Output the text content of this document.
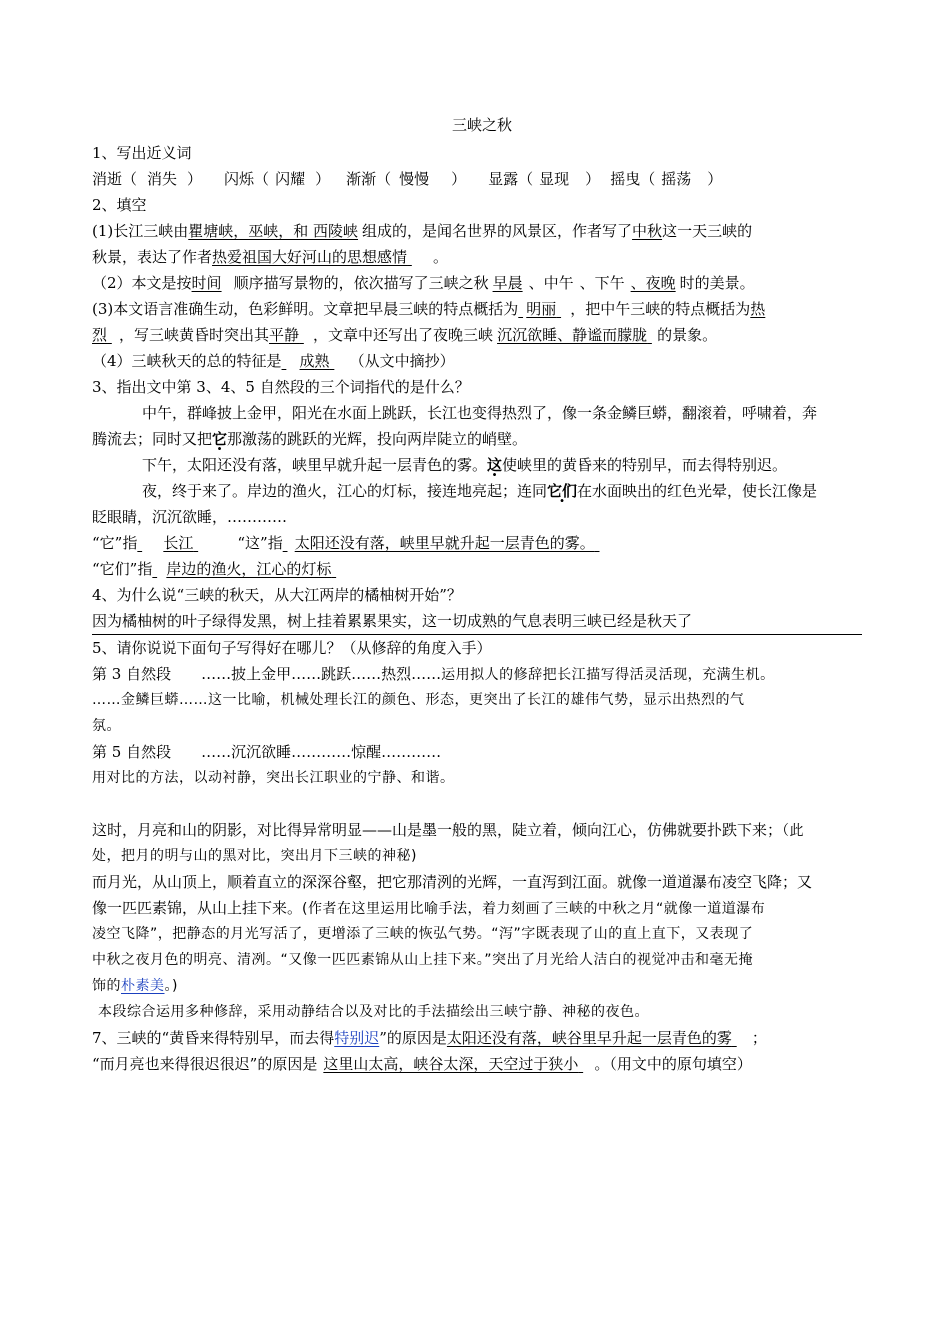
三峡之秋
1、写出近义词
消逝（ 消失 ） 闪烁（ 闪耀 ） 渐渐（ 慢慢 ） 显露（ 显现 ） 摇曳（ 摇荡 ）
2、填空
(1)长江三峡由瞿塘峡，巫峡，和 西陵峡 组成的，是闻名世界的风景区，作者写了中秋这一天三峡的
秋景，表达了作者热爱祖国大好河山的思想感情 。
（2）本文是按时间 顺序描写景物的，依次描写了三峡之秋 早晨 、中午 、下午 、夜晚 时的美景。
(3)本文语言准确生动，色彩鲜明。文章把早晨三峡的特点概括为 明丽 ，把中午三峡的特点概括为热
烈 ，写三峡黄昏时突出其平静 ，文章中还写出了夜晚三峡 沉沉欲睡、静谧而朦胧 的景象。
（4）三峡秋天的总的特征是 成熟 （从文中摘抄）
3、指出文中第 3、4、5 自然段的三个词指代的是什么？
中午，群峰披上金甲，阳光在水面上跳跃，长江也变得热烈了，像一条金鳞巨蟒，翻滚着，呼啸着，奔
腾流去；同时又把它那激荡的跳跃的光辉，投向两岸陡立的峭壁。
下午，太阳还没有落，峡里早就升起一层青色的雾。这使峡里的黄昏来的特别早，而去得特别迟。
夜，终于来了。岸边的渔火，江心的灯标，接连地亮起；连同它们在水面映出的红色光晕，使长江像是
眨眼睛，沉沉欲睡，…………
“它”指 长江	“这”指 太阳还没有落，峡里早就升起一层青色的雾。
“它们”指 岸边的渔火，江心的灯标
4、为什么说“三峡的秋天，从大江两岸的橘柚树开始”？
因为橘柚树的叶子绿得发黑，树上挂着累累果实，这一切成熟的气息表明三峡已经是秋天了
5、请你说说下面句子写得好在哪儿？（从修辞的角度入手）
第 3 自然段 ……披上金甲……跳跃……热烈……运用拟人的修辞把长江描写得活灵活现，充满生机。
……金鳞巨蟒……这一比喻，机械处理长江的颜色、形态，更突出了长江的雄伟气势，显示出热烈的气
氛。
第 5 自然段 ……沉沉欲睡…………惊醒…………
用对比的方法，以动衬静，突出长江职业的宁静、和谐。
这时，月亮和山的阴影，对比得异常明显——山是墨一般的黑，陡立着，倾向江心，仿佛就要扑跌下来；（此
处，把月的明与山的黑对比，突出月下三峡的神秘)
而月光，从山顶上，顺着直立的深深谷壑，把它那清洌的光辉，一直泻到江面。就像一道道瀑布凌空飞降；又
像一匹匹素锦，从山上挂下来。(作者在这里运用比喻手法，着力刻画了三峡的中秋之月“就像一道道瀑布
凌空飞降”，把静态的月光写活了，更增添了三峡的恢弘气势。“泻”字既表现了山的直上直下，又表现了
中秋之夜月色的明亮、清冽。“又像一匹匹素锦从山上挂下来。”突出了月光给人洁白的视觉冲击和毫无掩
饰的朴素美。)
本段综合运用多种修辞，采用动静结合以及对比的手法描绘出三峡宁静、神秘的夜色。
7、三峡的“黄昏来得特别早，而去得特别迟”的原因是太阳还没有落，峡谷里早升起一层青色的雾 ；
“而月亮也来得很迟很迟”的原因是 这里山太高，峡谷太深，天空过于狭小 。（用文中的原句填空）
